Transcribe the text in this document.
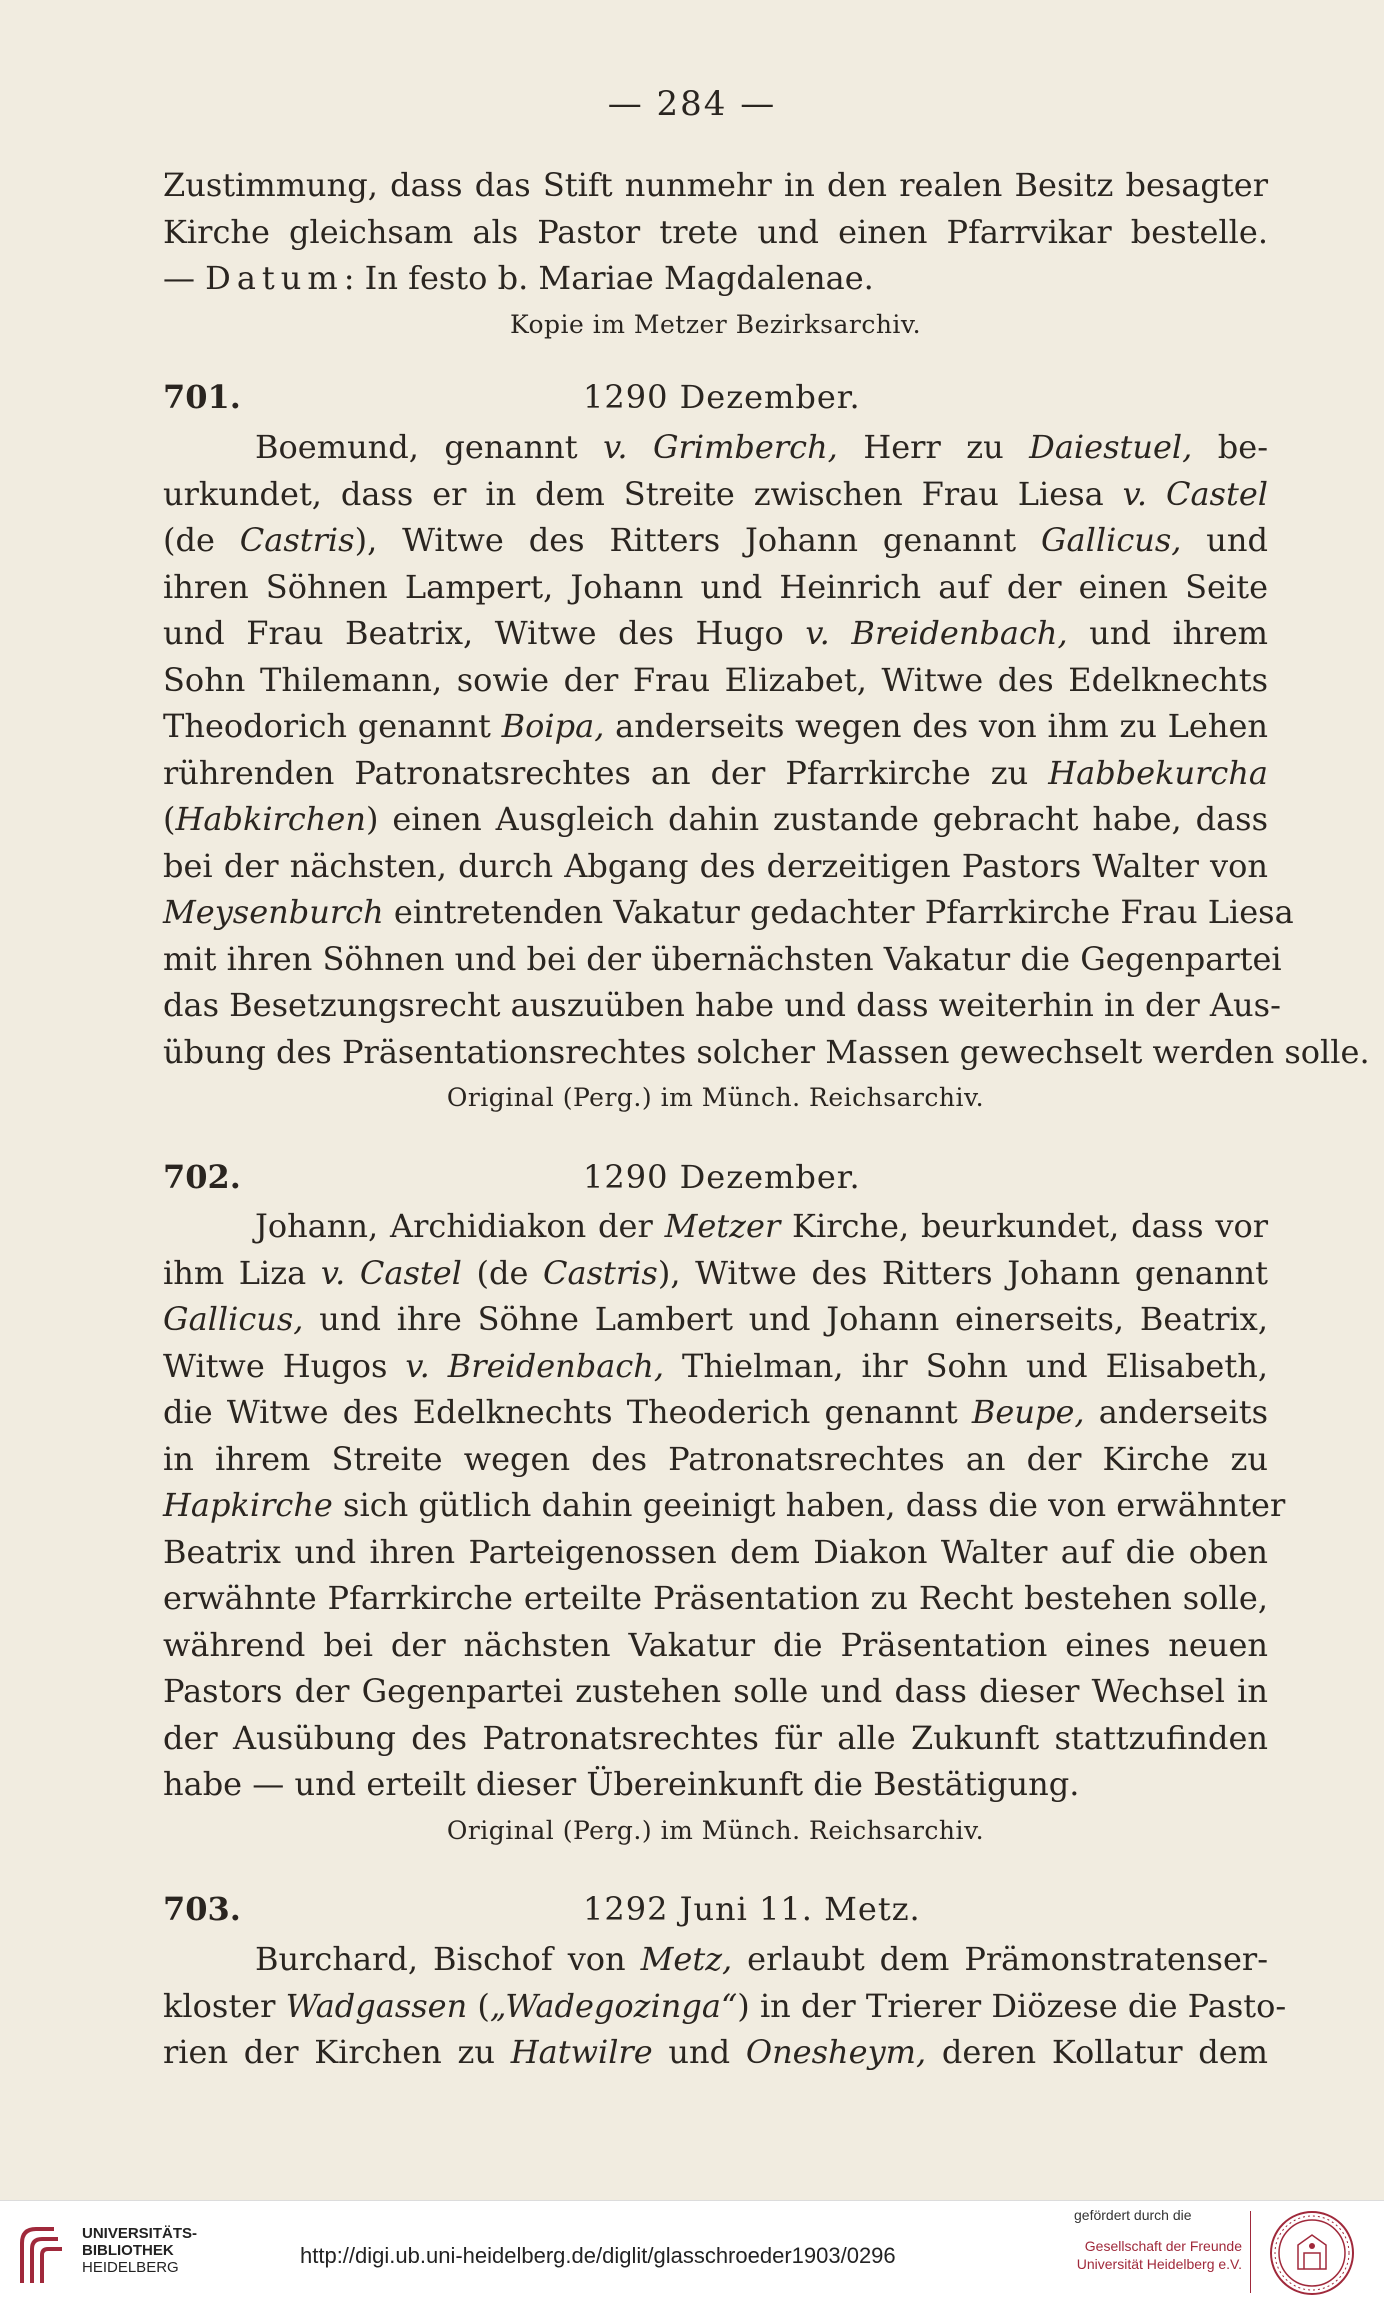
— 284 —
Zustimmung, dass das Stift nunmehr in den realen Besitz besagter
Kirche gleichsam als Pastor trete und einen Pfarrvikar bestelle.
— Datum: In festo b. Mariae Magdalenae.
Kopie im Metzer Bezirksarchiv.
701.	1290 Dezember.
Boemund, genannt v. Grimberch, Herr zu Daiestuel, be-
urkundet, dass er in dem Streite zwischen Frau Liesa v. Castel
(de Castris), Witwe des Ritters Johann genannt Gallicus, und
ihren Söhnen Lampert, Johann und Heinrich auf der einen Seite
und Frau Beatrix, Witwe des Hugo v. Breidenbach, und ihrem
Sohn Thilemann, sowie der Frau Elizabet, Witwe des Edelknechts
Theodorich genannt Boipa, anderseits wegen des von ihm zu Lehen
rührenden Patronatsrechtes an der Pfarrkirche zu Habbekurcha
(Habkirchen) einen Ausgleich dahin zustande gebracht habe, dass
bei der nächsten, durch Abgang des derzeitigen Pastors Walter von
Meysenburch eintretenden Vakatur gedachter Pfarrkirche Frau Liesa
mit ihren Söhnen und bei der übernächsten Vakatur die Gegenpartei
das Besetzungsrecht auszuüben habe und dass weiterhin in der Aus-
übung des Präsentationsrechtes solcher Massen gewechselt werden solle.
Original (Perg.) im Münch. Reichsarchiv.
702.	1290 Dezember.
Johann, Archidiakon der Metzer Kirche, beurkundet, dass vor
ihm Liza v. Castel (de Castris), Witwe des Ritters Johann genannt
Gallicus, und ihre Söhne Lambert und Johann einerseits, Beatrix,
Witwe Hugos v. Breidenbach, Thielman, ihr Sohn und Elisabeth,
die Witwe des Edelknechts Theoderich genannt Beupe, anderseits
in ihrem Streite wegen des Patronatsrechtes an der Kirche zu
Hapkirche sich gütlich dahin geeinigt haben, dass die von erwähnter
Beatrix und ihren Parteigenossen dem Diakon Walter auf die oben
erwähnte Pfarrkirche erteilte Präsentation zu Recht bestehen solle,
während bei der nächsten Vakatur die Präsentation eines neuen
Pastors der Gegenpartei zustehen solle und dass dieser Wechsel in
der Ausübung des Patronatsrechtes für alle Zukunft stattzufinden
habe — und erteilt dieser Übereinkunft die Bestätigung.
Original (Perg.) im Münch. Reichsarchiv.
703.	1292 Juni 11. Metz.
Burchard, Bischof von Metz, erlaubt dem Prämonstratenser-
kloster Wadgassen („Wadegozinga“) in der Trierer Diözese die Pasto-
rien der Kirchen zu Hatwilre und Onesheym, deren Kollatur dem
UNIVERSITÄTS-
BIBLIOTHEK
HEIDELBERG	http://digi.ub.uni-heidelberg.de/diglit/glasschroeder1903/0296
gefördert durch die
Gesellschaft der Freunde
Universität Heidelberg e.V.
